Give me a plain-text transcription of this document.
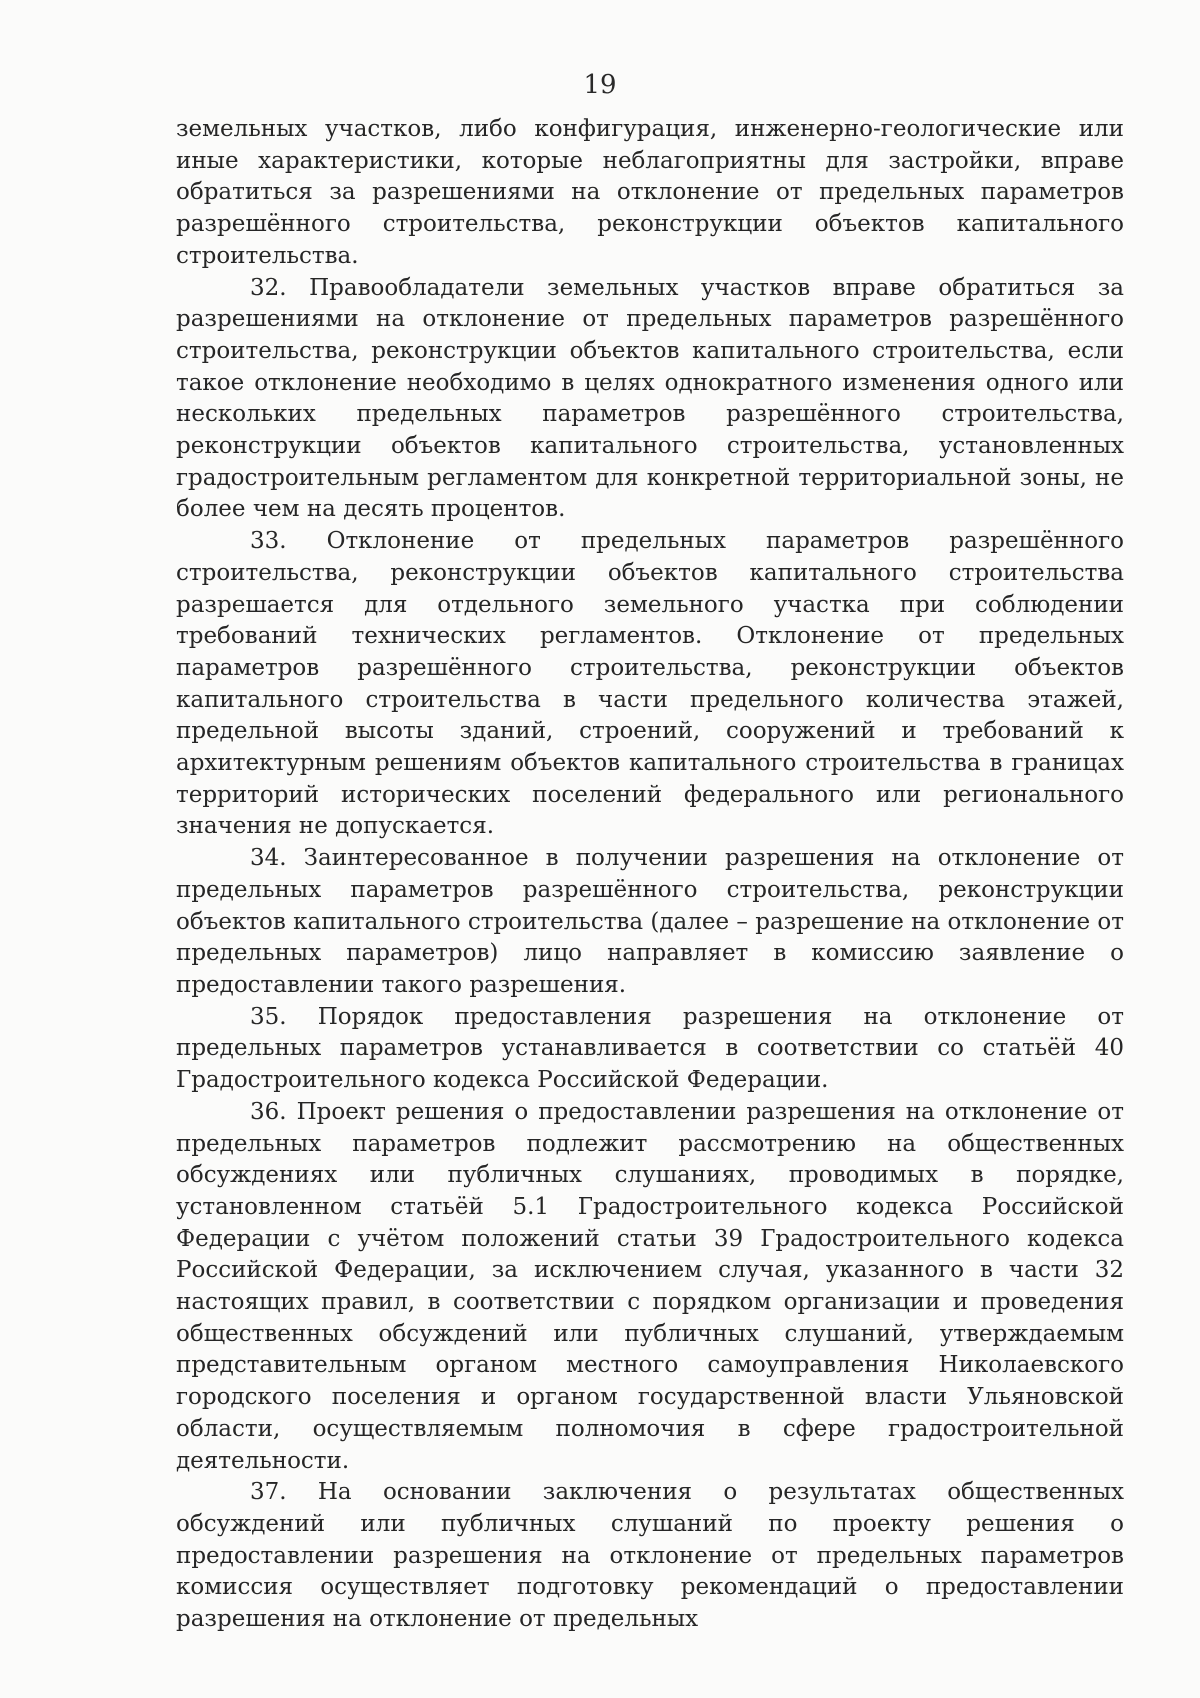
19

земельных участков, либо конфигурация, инженерно-геологические или иные характеристики, которые неблагоприятны для застройки, вправе обратиться за разрешениями на отклонение от предельных параметров разрешённого строительства, реконструкции объектов капитального строительства.

32. Правообладатели земельных участков вправе обратиться за разрешениями на отклонение от предельных параметров разрешённого строительства, реконструкции объектов капитального строительства, если такое отклонение необходимо в целях однократного изменения одного или нескольких предельных параметров разрешённого строительства, реконструкции объектов капитального строительства, установленных градостроительным регламентом для конкретной территориальной зоны, не более чем на десять процентов.

33. Отклонение от предельных параметров разрешённого строительства, реконструкции объектов капитального строительства разрешается для отдельного земельного участка при соблюдении требований технических регламентов. Отклонение от предельных параметров разрешённого строительства, реконструкции объектов капитального строительства в части предельного количества этажей, предельной высоты зданий, строений, сооружений и требований к архитектурным решениям объектов капитального строительства в границах территорий исторических поселений федерального или регионального значения не допускается.

34. Заинтересованное в получении разрешения на отклонение от предельных параметров разрешённого строительства, реконструкции объектов капитального строительства (далее – разрешение на отклонение от предельных параметров) лицо направляет в комиссию заявление о предоставлении такого разрешения.

35. Порядок предоставления разрешения на отклонение от предельных параметров устанавливается в соответствии со статьёй 40 Градостроительного кодекса Российской Федерации.

36. Проект решения о предоставлении разрешения на отклонение от предельных параметров подлежит рассмотрению на общественных обсуждениях или публичных слушаниях, проводимых в порядке, установленном статьёй 5.1 Градостроительного кодекса Российской Федерации с учётом положений статьи 39 Градостроительного кодекса Российской Федерации, за исключением случая, указанного в части 32 настоящих правил, в соответствии с порядком организации и проведения общественных обсуждений или публичных слушаний, утверждаемым представительным органом местного самоуправления Николаевского городского поселения и органом государственной власти Ульяновской области, осуществляемым полномочия в сфере градостроительной деятельности.

37. На основании заключения о результатах общественных обсуждений или публичных слушаний по проекту решения о предоставлении разрешения на отклонение от предельных параметров комиссия осуществляет подготовку рекомендаций о предоставлении разрешения на отклонение от предельных
